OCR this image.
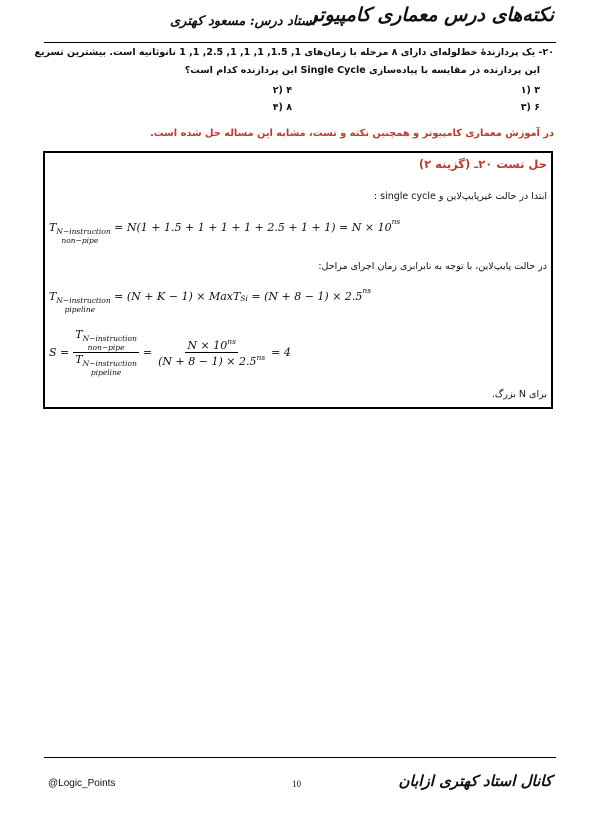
نکته‌های درس معماری کامپیوتر
استاد درس: مسعود کهتری
۲۰- یک پردازندهٔ خط‌لوله‌ای دارای ۸ مرحله با زمان‌های 1, 1.5, 1, 1, 1, 2.5, 1, 1 نانوثانیه است. بیشترین تسریع
این پردازنده در مقایسه با پیاده‌سازی Single Cycle این پردازنده کدام است؟
۳ (۱
۴ (۲
۶ (۳
۸ (۴
در آموزش معماری کامپیوتر و همچنین نکته و تست، مشابه این مساله حل شده است.
حل تست ۲۰ـ (گزینه ۲)
ابتدا در حالت غیرپایپ‌لاین و single cycle :
$T_{N-instruction}$
non−pipe
= $N(1 + 1.5 + 1 + 1 + 1 + 2.5 + 1 + 1) = N \times 10^{ns}$
در حالت پایپ‌لاین، با توجه به نابرابری زمان اجرای مراحل:
$T_{N-instruction}$
pipeline
= (N + K − 1) × MaxT$^{Si}$ = $(N + 8 - 1) \times 2.5^{ns}$
$S = T_{N-instruction}$
non−pipe
$T_{N-instruction}$
pipeline = $\frac{N \times 10^{ns}}{(N + 8 - 1) \times 2.5^{ns}} = 4$
برای N بزرگ.
@Logic_Points	10	کانال استاد کهتری ازابان
